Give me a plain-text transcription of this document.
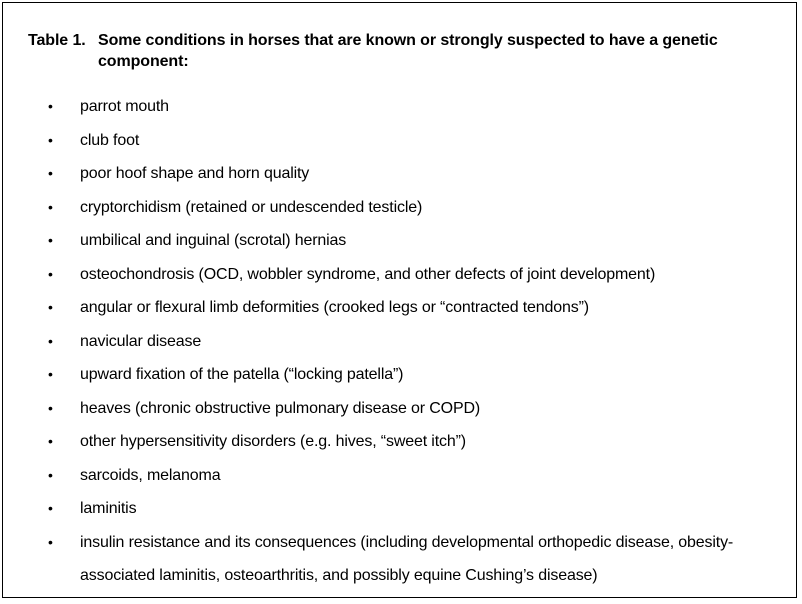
Table 1. Some conditions in horses that are known or strongly suspected to have a genetic
component:
• parrot mouth
• club foot
• poor hoof shape and horn quality
• cryptorchidism (retained or undescended testicle)
• umbilical and inguinal (scrotal) hernias
• osteochondrosis (OCD, wobbler syndrome, and other defects of joint development)
• angular or flexural limb deformities (crooked legs or “contracted tendons”)
• navicular disease
• upward fixation of the patella (“locking patella”)
• heaves (chronic obstructive pulmonary disease or COPD)
• other hypersensitivity disorders (e.g. hives, “sweet itch”)
• sarcoids, melanoma
• laminitis
• insulin resistance and its consequences (including developmental orthopedic disease, obesity-associated laminitis, osteoarthritis, and possibly equine Cushing’s disease)
